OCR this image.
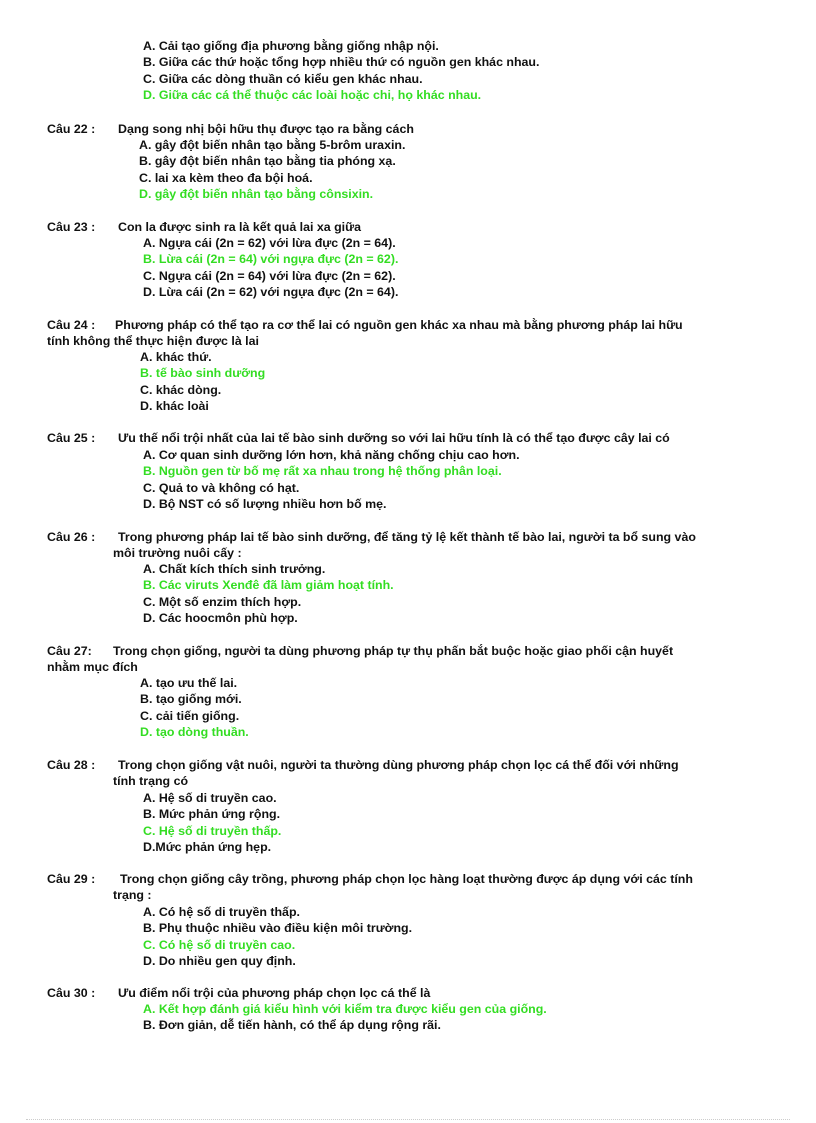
A. Cải tạo giống địa phương bằng giống nhập nội.
B. Giữa các thứ hoặc tổng hợp nhiều thứ có nguồn gen khác nhau.
C. Giữa các dòng thuần có kiểu gen khác nhau.
D. Giữa các cá thể thuộc các loài hoặc chi, họ khác nhau.
Câu 22 : Dạng song nhị bội hữu thụ được tạo ra bằng cách
A. gây đột biến nhân tạo bằng 5-brôm uraxin.
B. gây đột biến nhân tạo bằng tia phóng xạ.
C. lai xa kèm theo đa bội hoá.
D. gây đột biến nhân tạo bằng cônsixin.
Câu 23 : Con la được sinh ra là kết quả lai xa giữa
A. Ngựa cái (2n = 62) với lừa đực (2n = 64).
B. Lừa cái (2n = 64) với ngựa đực (2n = 62).
C. Ngựa cái (2n = 64) với lừa đực (2n = 62).
D. Lừa cái (2n = 62) với ngựa đực (2n = 64).
Câu 24 : Phương pháp có thể tạo ra cơ thể lai có nguồn gen khác xa nhau mà bằng phương pháp lai hữu
tính không thể thực hiện được là lai
A. khác thứ.
B. tế bào sinh dưỡng
C. khác dòng.
D. khác loài
Câu 25 : Ưu thế nổi trội nhất của lai tế bào sinh dưỡng so với lai hữu tính là có thể tạo được cây lai có
A. Cơ quan sinh dưỡng lớn hơn, khả năng chống chịu cao hơn.
B. Nguồn gen từ bố mẹ rất xa nhau trong hệ thống phân loại.
C. Quả to và không có hạt.
D. Bộ NST có số lượng nhiều hơn bố mẹ.
Câu 26 : Trong phương pháp lai tế bào sinh dưỡng, để tăng tỷ lệ kết thành tế bào lai, người ta bổ sung vào
môi trường nuôi cấy :
A. Chất kích thích sinh trưởng.
B. Các viruts Xenđê đã làm giảm hoạt tính.
C. Một số enzim thích hợp.
D. Các hoocmôn phù hợp.
Câu 27: Trong chọn giống, người ta dùng phương pháp tự thụ phấn bắt buộc hoặc giao phối cận huyết
nhằm mục đích
A. tạo ưu thế lai.
B. tạo giống mới.
C. cải tiến giống.
D. tạo dòng thuần.
Câu 28 : Trong chọn giống vật nuôi, người ta thường dùng phương pháp chọn lọc cá thể đối với những
tính trạng có
A. Hệ số di truyền cao.
B. Mức phản ứng rộng.
C. Hệ số di truyền thấp.
D.Mức phản ứng hẹp.
Câu 29 : Trong chọn giống cây trồng, phương pháp chọn lọc hàng loạt thường được áp dụng với các tính
trạng :
A. Có hệ số di truyền thấp.
B. Phụ thuộc nhiều vào điều kiện môi trường.
C. Có hệ số di truyền cao.
D. Do nhiều gen quy định.
Câu 30 : Ưu điểm nổi trội của phương pháp chọn lọc cá thể là
A. Kết hợp đánh giá kiểu hình với kiểm tra được kiểu gen của giống.
B. Đơn giản, dễ tiến hành, có thể áp dụng rộng rãi.
